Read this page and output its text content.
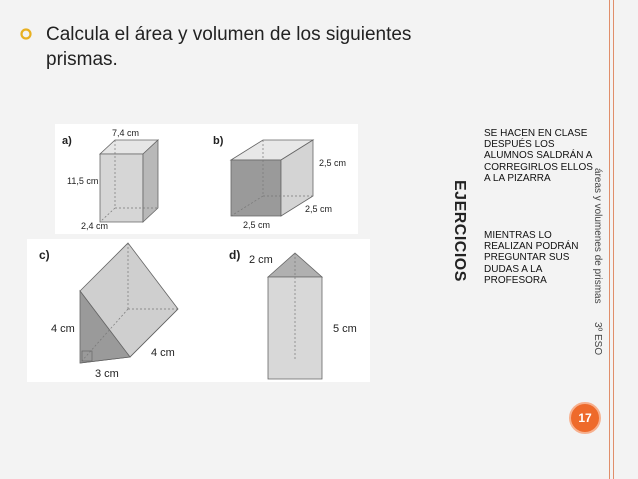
Calcula el área y volumen de los siguientes prismas.
a)
7,4 cm
11,5 cm
2,4 cm
b)
2,5 cm
2,5 cm
2,5 cm
c)
4 cm
3 cm
4 cm
d) 2 cm
5 cm
EJERCICIOS
SE HACEN EN CLASE DESPUÉS LOS ALUMNOS SALDRÁN A CORREGIRLOS ELLOS A LA PIZARRA
MIENTRAS LO REALIZAN PODRÁN PREGUNTAR SUS DUDAS A LA PROFESORA	áreas y volumenes de prismas
3º ESO
17
